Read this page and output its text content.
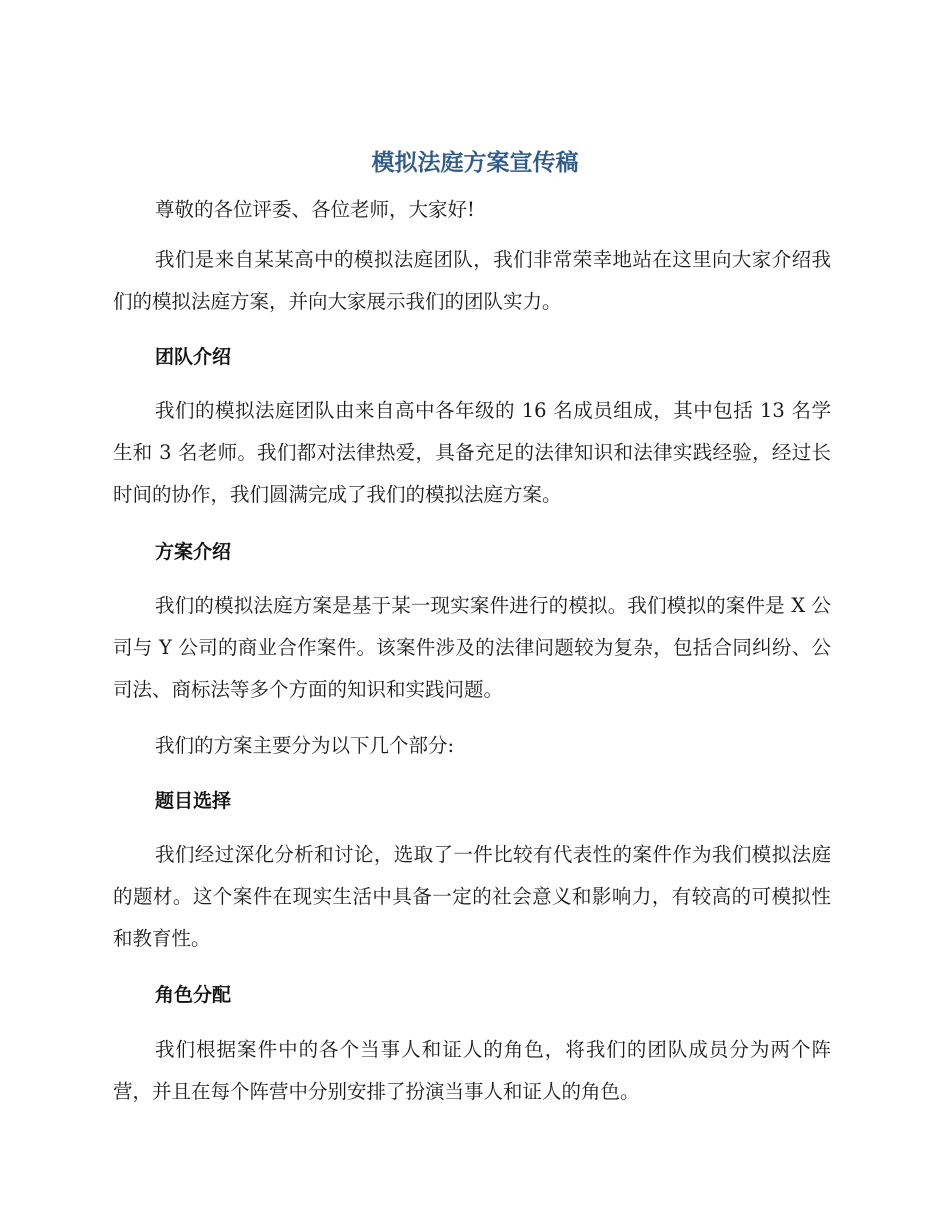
模拟法庭方案宣传稿

尊敬的各位评委、各位老师，大家好!

我们是来自某某高中的模拟法庭团队，我们非常荣幸地站在这里向大家介绍我们的模拟法庭方案，并向大家展示我们的团队实力。

团队介绍

我们的模拟法庭团队由来自高中各年级的 16 名成员组成，其中包括 13 名学生和 3 名老师。我们都对法律热爱，具备充足的法律知识和法律实践经验，经过长时间的协作，我们圆满完成了我们的模拟法庭方案。

方案介绍

我们的模拟法庭方案是基于某一现实案件进行的模拟。我们模拟的案件是 X 公司与 Y 公司的商业合作案件。该案件涉及的法律问题较为复杂，包括合同纠纷、公司法、商标法等多个方面的知识和实践问题。

我们的方案主要分为以下几个部分:

题目选择

我们经过深化分析和讨论，选取了一件比较有代表性的案件作为我们模拟法庭的题材。这个案件在现实生活中具备一定的社会意义和影响力，有较高的可模拟性和教育性。

角色分配

我们根据案件中的各个当事人和证人的角色，将我们的团队成员分为两个阵营，并且在每个阵营中分别安排了扮演当事人和证人的角色。
